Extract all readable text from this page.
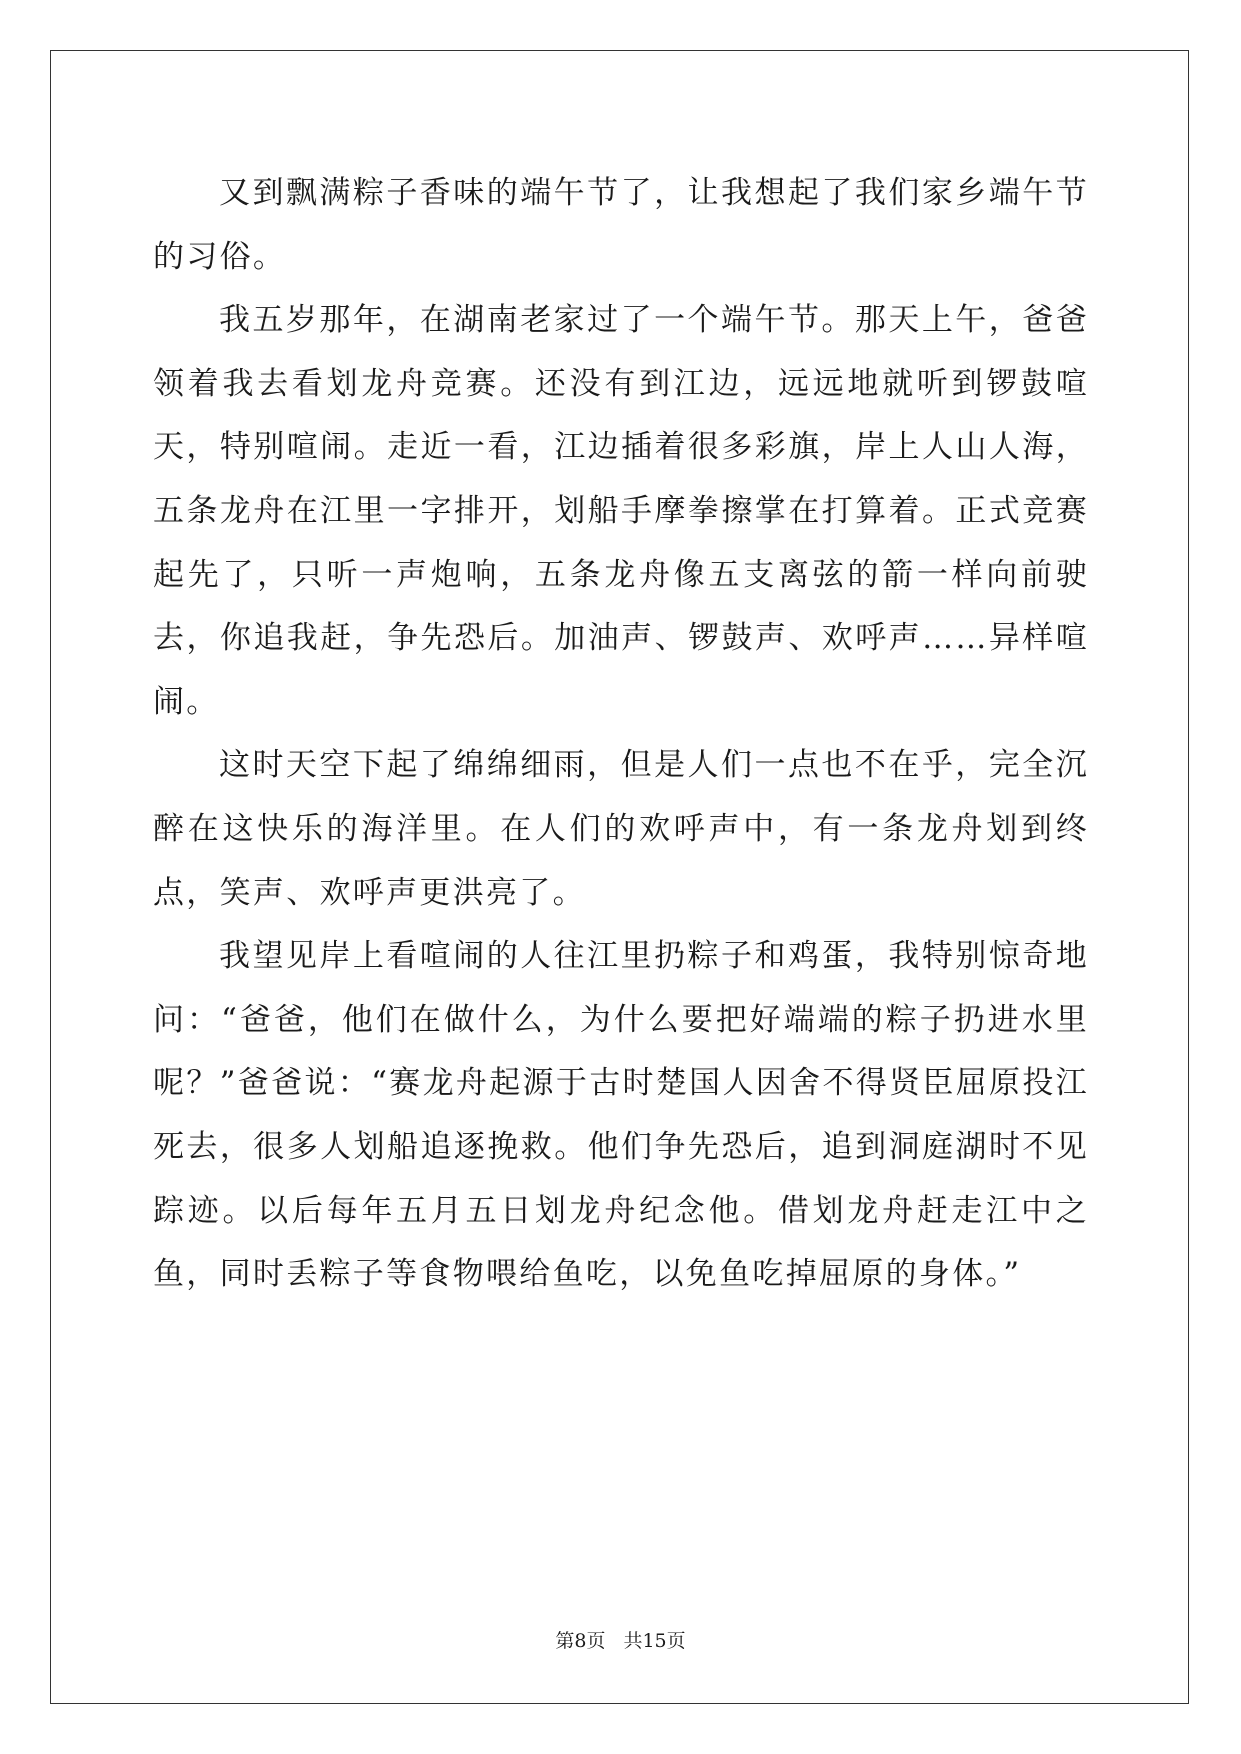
又到飘满粽子香味的端午节了，让我想起了我们家乡端午节的习俗。

我五岁那年，在湖南老家过了一个端午节。那天上午，爸爸领着我去看划龙舟竞赛。还没有到江边，远远地就听到锣鼓喧天，特别喧闹。走近一看，江边插着很多彩旗，岸上人山人海，五条龙舟在江里一字排开，划船手摩拳擦掌在打算着。正式竞赛起先了，只听一声炮响，五条龙舟像五支离弦的箭一样向前驶去，你追我赶，争先恐后。加油声、锣鼓声、欢呼声……异样喧闹。

这时天空下起了绵绵细雨，但是人们一点也不在乎，完全沉醉在这快乐的海洋里。在人们的欢呼声中，有一条龙舟划到终点，笑声、欢呼声更洪亮了。

我望见岸上看喧闹的人往江里扔粽子和鸡蛋，我特别惊奇地问：“爸爸，他们在做什么，为什么要把好端端的粽子扔进水里呢？”爸爸说：“赛龙舟起源于古时楚国人因舍不得贤臣屈原投江死去，很多人划船追逐挽救。他们争先恐后，追到洞庭湖时不见踪迹。以后每年五月五日划龙舟纪念他。借划龙舟赶走江中之鱼，同时丢粽子等食物喂给鱼吃，以免鱼吃掉屈原的身体。”

第8页 共15页
